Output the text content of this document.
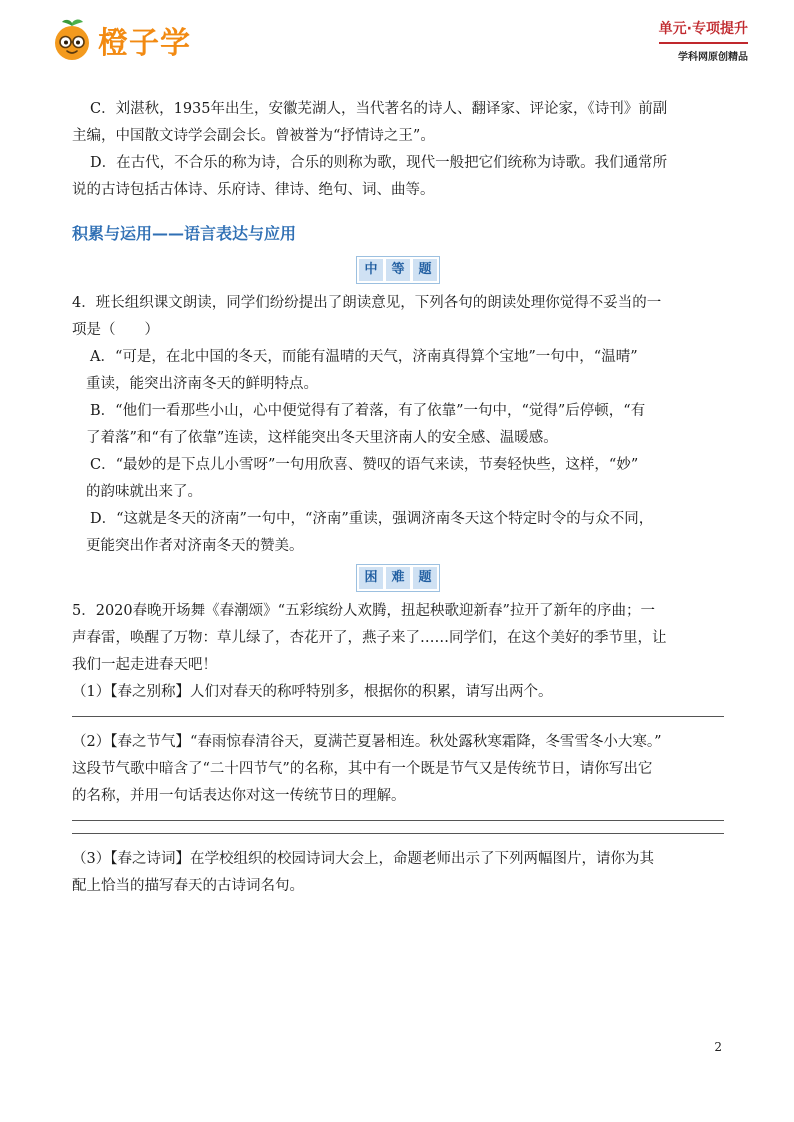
橙子学	单元·专项提升
学科网原创精品

C．刘湛秋，1935年出生，安徽芜湖人，当代著名的诗人、翻译家、评论家，《诗刊》前副

主编，中国散文诗学会副会长。曾被誉为“抒情诗之王”。

D．在古代，不合乐的称为诗，合乐的则称为歌，现代一般把它们统称为诗歌。我们通常所

说的古诗包括古体诗、乐府诗、律诗、绝句、词、曲等。

积累与运用——语言表达与应用
中	等	题

4．班长组织课文朗读，同学们纷纷提出了朗读意见，下列各句的朗读处理你觉得不妥当的一

项是（　　）

A．“可是，在北中国的冬天，而能有温晴的天气，济南真得算个宝地”一句中，“温晴”

重读，能突出济南冬天的鲜明特点。

B．“他们一看那些小山，心中便觉得有了着落，有了依靠”一句中，“觉得”后停顿，“有

了着落”和“有了依靠”连读，这样能突出冬天里济南人的安全感、温暖感。

C．“最妙的是下点儿小雪呀”一句用欣喜、赞叹的语气来读，节奏轻快些，这样，“妙”

的韵味就出来了。

D．“这就是冬天的济南”一句中，“济南”重读，强调济南冬天这个特定时令的与众不同，

更能突出作者对济南冬天的赞美。

困	难	题

5．2020春晚开场舞《春潮颂》“五彩缤纷人欢腾，扭起秧歌迎新春”拉开了新年的序曲；一

声春雷，唤醒了万物：草儿绿了，杏花开了，燕子来了……同学们，在这个美好的季节里，让

我们一起走进春天吧！

（1）【春之别称】人们对春天的称呼特别多，根据你的积累，请写出两个。

（2）【春之节气】“春雨惊春清谷天，夏满芒夏暑相连。秋处露秋寒霜降，冬雪雪冬小大寒。”

这段节气歌中暗含了“二十四节气”的名称，其中有一个既是节气又是传统节日，请你写出它

的名称，并用一句话表达你对这一传统节日的理解。

（3）【春之诗词】在学校组织的校园诗词大会上，命题老师出示了下列两幅图片，请你为其

配上恰当的描写春天的古诗词名句。

2
